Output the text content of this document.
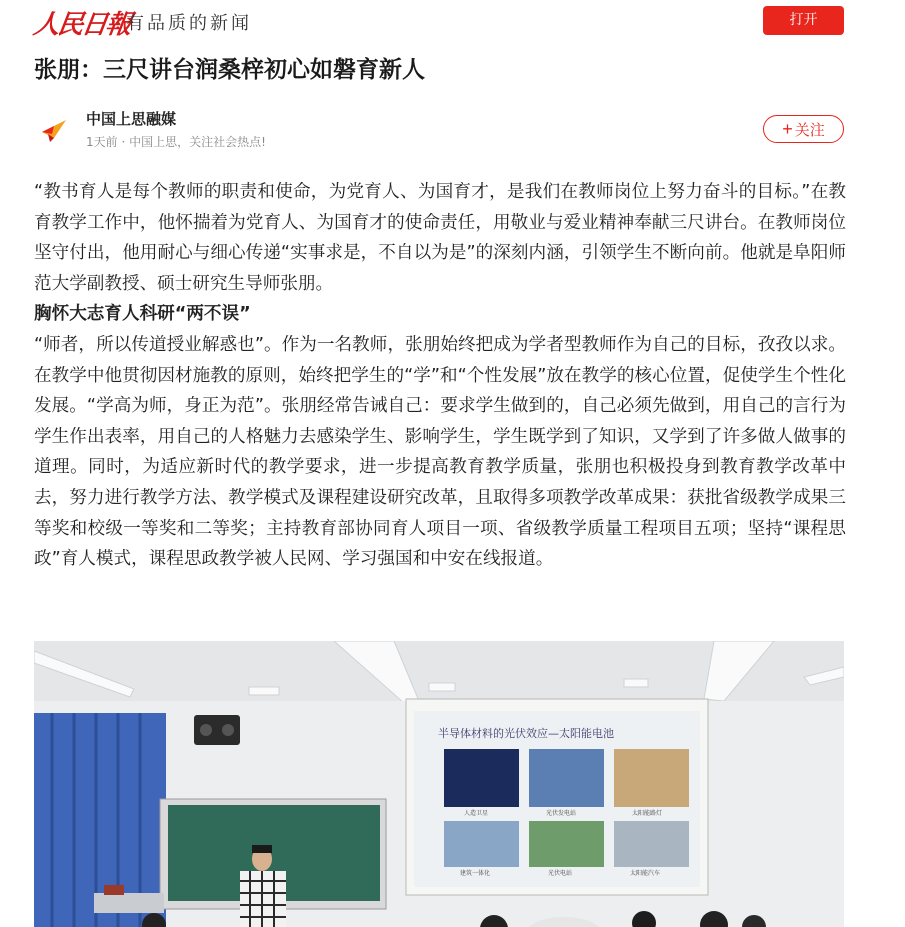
人民日報
有品质的新闻	打开
张朋：三尺讲台润桑梓初心如磐育新人
中国上思融媒
1天前 · 中国上思，关注社会热点!
+ 关注

“教书育人是每个教师的职责和使命，为党育人、为国育才，是我们在教师岗位上努力奋斗的目标。”在教育教学工作中，他怀揣着为党育人、为国育才的使命责任，用敬业与爱业精神奉献三尺讲台。在教师岗位坚守付出，他用耐心与细心传递“实事求是，不自以为是”的深刻内涵，引领学生不断向前。他就是阜阳师范大学副教授、硕士研究生导师张朋。

胸怀大志育人科研“两不误”

“师者，所以传道授业解惑也”。作为一名教师，张朋始终把成为学者型教师作为自己的目标，孜孜以求。在教学中他贯彻因材施教的原则，始终把学生的“学”和“个性发展”放在教学的核心位置，促使学生个性化发展。“学高为师，身正为范”。张朋经常告诫自己：要求学生做到的，自己必须先做到，用自己的言行为学生作出表率，用自己的人格魅力去感染学生、影响学生，学生既学到了知识，又学到了许多做人做事的道理。同时，为适应新时代的教学要求，进一步提高教育教学质量，张朋也积极投身到教育教学改革中去，努力进行教学方法、教学模式及课程建设研究改革，且取得多项教学改革成果：获批省级教学成果三等奖和校级一等奖和二等奖；主持教育部协同育人项目一项、省级教学质量工程项目五项；坚持“课程思政”育人模式，课程思政教学被人民网、学习强国和中安在线报道。

半导体材料的光伏效应—太阳能电池
人造卫星	光伏发电站	太阳能路灯
建筑一体化	光伏电站	太阳能汽车
